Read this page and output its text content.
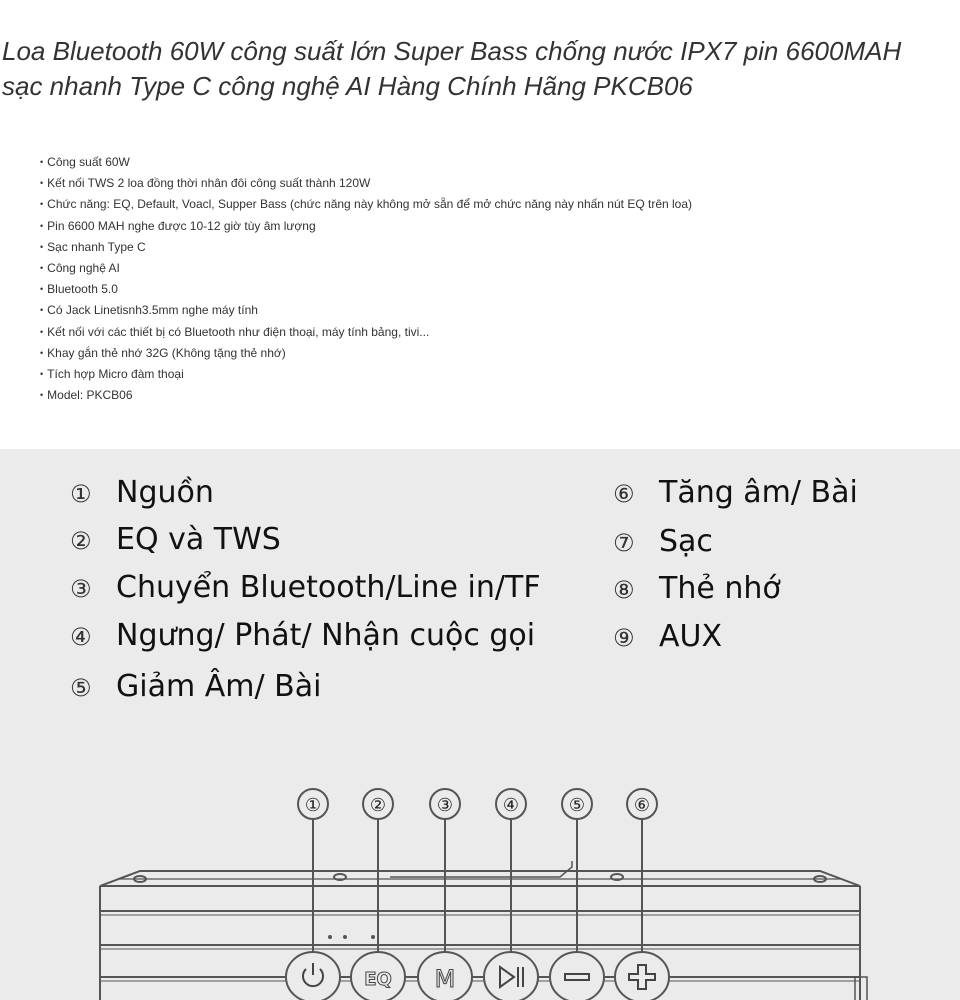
Loa Bluetooth 60W công suất lớn Super Bass chống nước IPX7 pin 6600MAH sạc nhanh Type C công nghệ AI Hàng Chính Hãng PKCB06
• Công suất 60W
• Kết nối TWS 2 loa đồng thời nhân đôi công suất thành 120W
• Chức năng: EQ, Default, Voacl, Supper Bass (chức năng này không mở sẵn để mở chức năng này nhấn nút EQ trên loa)
• Pin 6600 MAH nghe được 10-12 giờ tùy âm lượng
• Sạc nhanh Type C
• Công nghệ AI
• Bluetooth 5.0
• Có Jack Linetisnh3.5mm nghe máy tính
• Kết nối với các thiết bị có Bluetooth như điện thoại, máy tính bảng, tivi...
• Khay gắn thẻ nhớ 32G (Không tặng thẻ nhớ)
• Tích hợp Micro đàm thoại
• Model: PKCB06
① Nguồn
② EQ và TWS
③ Chuyển Bluetooth/Line in/TF
④ Ngưng/ Phát/ Nhận cuộc gọi
⑤ Giảm Âm/ Bài
⑥ Tăng âm/ Bài
⑦ Sạc
⑧ Thẻ nhớ
⑨ AUX
①	②	③	④	⑤	⑥
EQ M
